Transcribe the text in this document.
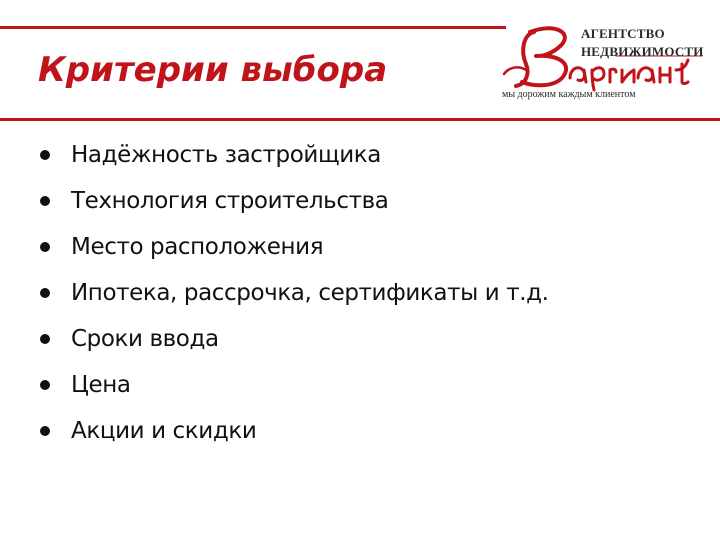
Критерии выбора
АГЕНТСТВО
НЕДВИЖИМОСТИ
мы дорожим каждым клиентом
Надёжность застройщика
Технология строительства
Место расположения
Ипотека, рассрочка, сертификаты и т.д.
Сроки ввода
Цена
Акции и скидки
